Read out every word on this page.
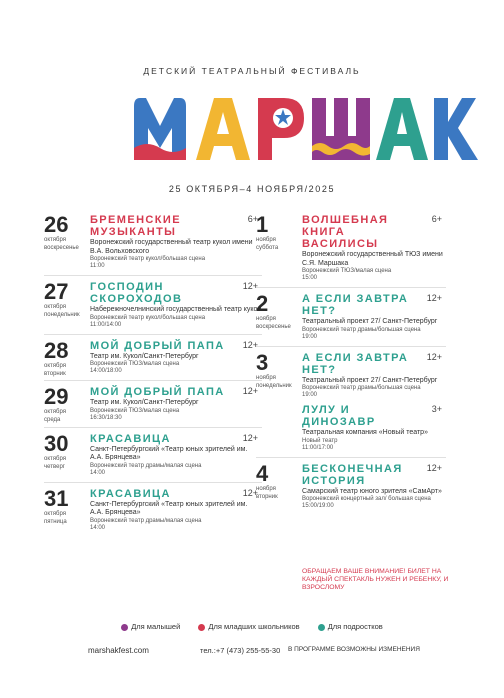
ДЕТСКИЙ ТЕАТРАЛЬНЫЙ ФЕСТИВАЛЬ
25 ОКТЯБРЯ–4 НОЯБРЯ/2025
26
октября
воскресенье
БРЕМЕНСКИЕ МУЗЫКАНТЫ
6+
Воронежский государственный театр кукол имени В.А. Вольховского
Воронежский театр кукол/большая сцена
11:00
27
октября
понедельник
ГОСПОДИН СКОРОХОДОВ
12+
Набережночелнинский государственный театр кукол
Воронежский театр кукол/большая сцена
11:00/14:00
28
октября
вторник
МОЙ ДОБРЫЙ ПАПА	12+
Театр им. Кукол/Санкт-Петербург
Воронежский ТЮЗ/малая сцена
14:00/18:00
29
октября
среда
МОЙ ДОБРЫЙ ПАПА	12+
Театр им. Кукол/Санкт-Петербург
Воронежский ТЮЗ/малая сцена
16:30/18:30
30
октября
четверг
КРАСАВИЦА	12+
Санкт-Петербургский «Театр юных зрителей им. А.А. Брянцева»
Воронежский театр драмы/малая сцена
14:00
31
октября
пятница
КРАСАВИЦА	12+
Санкт-Петербургский «Театр юных зрителей им. А.А. Брянцева»
Воронежский театр драмы/малая сцена
14:00
1
ноября
суббота
ВОЛШЕБНАЯ КНИГА ВАСИЛИСЫ
6+
Воронежский государственный ТЮЗ имени С.Я. Маршака
Воронежский ТЮЗ/малая сцена
15:00
2
ноября
воскресенье
А ЕСЛИ ЗАВТРА НЕТ?
12+
Театральный проект 27/ Санкт-Петербург
Воронежский театр драмы/большая сцена
19:00
3
ноября
понедельник
А ЕСЛИ ЗАВТРА НЕТ?
12+
Театральный проект 27/ Санкт-Петербург
Воронежский театр драмы/большая сцена
19:00
ЛУЛУ И ДИНОЗАВР
3+
Театральная компания «Новый театр»
Новый театр
11:00/17:00
4
ноября
вторник
БЕСКОНЕЧНАЯ ИСТОРИЯ
12+
Самарский театр юного зрителя «СамАрт»
Воронежский концертный зал/ большая сцена
15:00/19:00
ОБРАЩАЕМ ВАШЕ ВНИМАНИЕ! БИЛЕТ НА КАЖДЫЙ СПЕКТАКЛЬ НУЖЕН И РЕБЕНКУ, И ВЗРОСЛОМУ
Для малышей	Для младших школьников	Для подростков
marshakfest.com	тел.:+7 (473) 255-55-30 В ПРОГРАММЕ ВОЗМОЖНЫ ИЗМЕНЕНИЯ
